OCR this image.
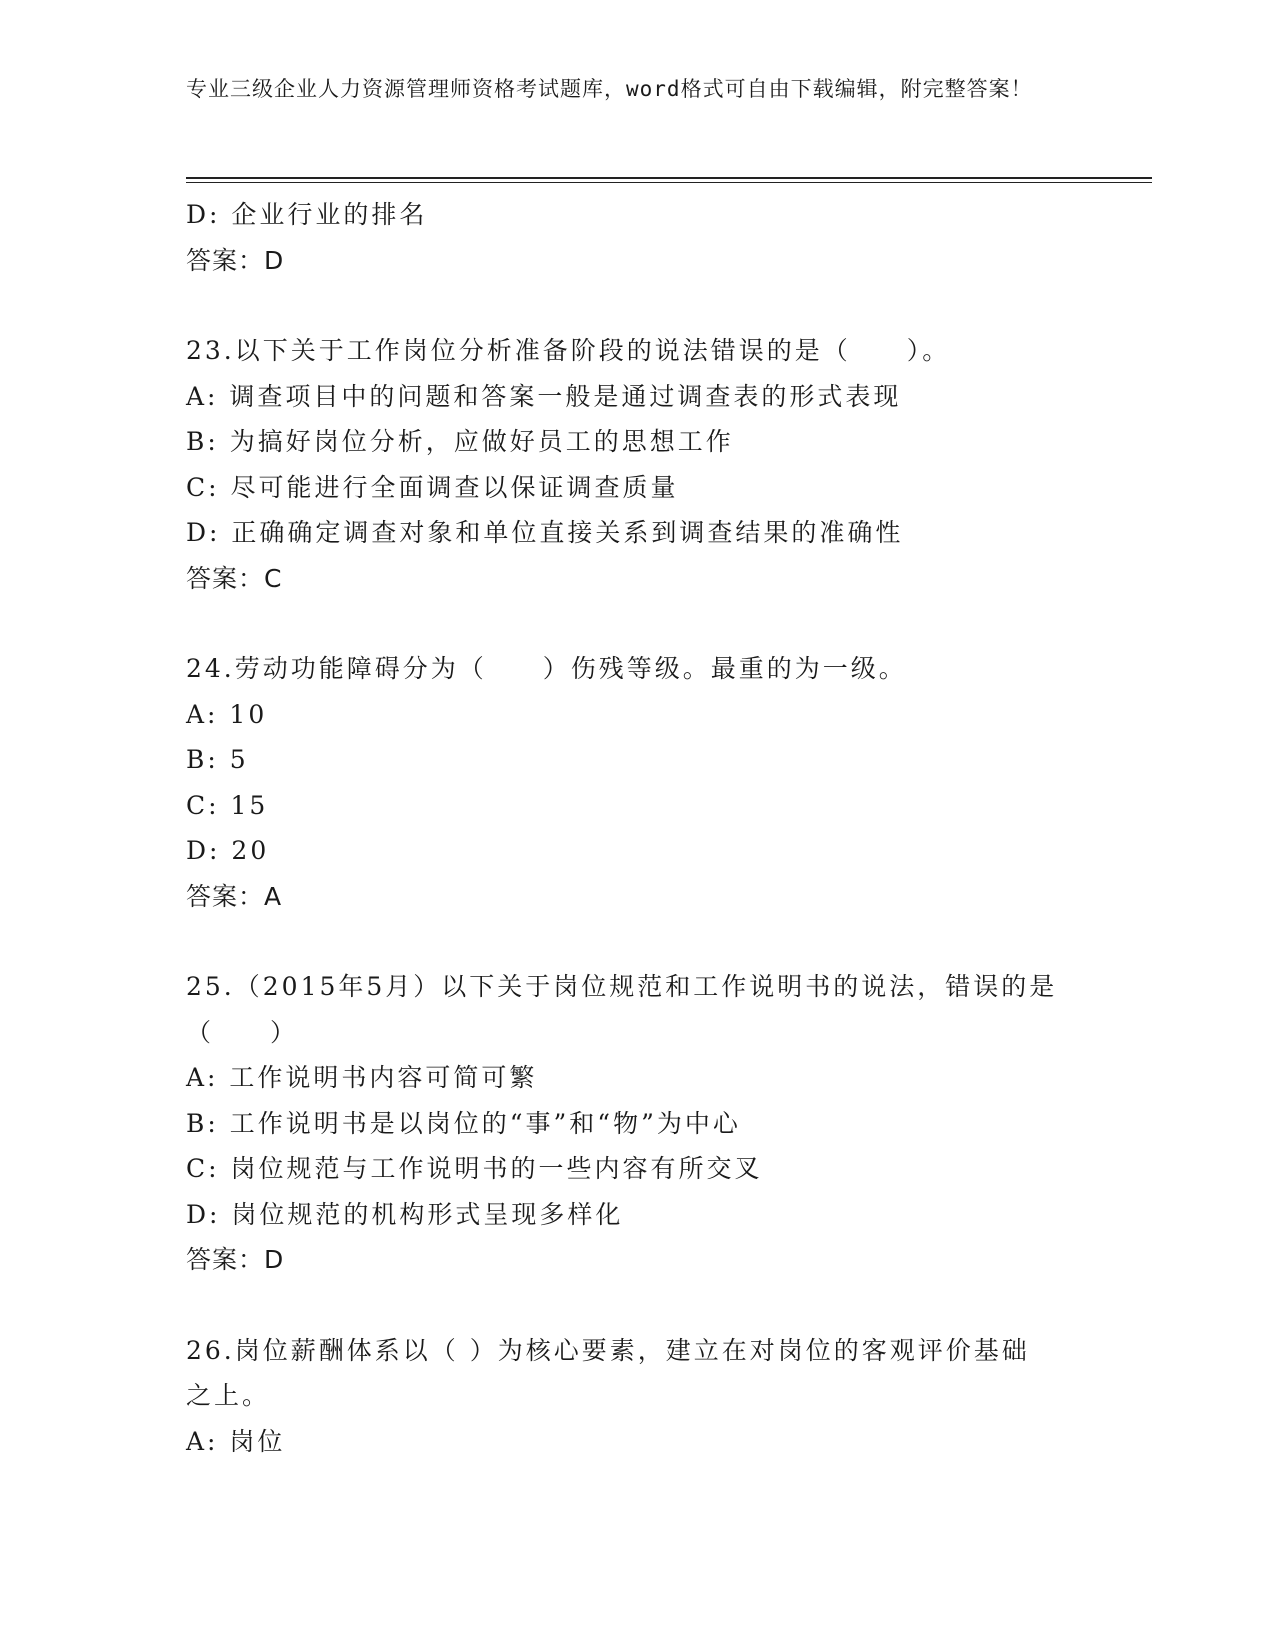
专业三级企业人力资源管理师资格考试题库，word格式可自由下载编辑，附完整答案！

D: 企业行业的排名

答案：D

23.以下关于工作岗位分析准备阶段的说法错误的是（　　）。

A: 调查项目中的问题和答案一般是通过调查表的形式表现

B: 为搞好岗位分析，应做好员工的思想工作

C: 尽可能进行全面调查以保证调查质量

D: 正确确定调查对象和单位直接关系到调查结果的准确性

答案：C

24.劳动功能障碍分为（　　）伤残等级。最重的为一级。

A: 10

B: 5

C: 15

D: 20

答案：A

25.（2015年5月）以下关于岗位规范和工作说明书的说法，错误的是

（　　）

A: 工作说明书内容可简可繁

B: 工作说明书是以岗位的“事”和“物”为中心

C: 岗位规范与工作说明书的一些内容有所交叉

D: 岗位规范的机构形式呈现多样化

答案：D

26.岗位薪酬体系以（ ）为核心要素，建立在对岗位的客观评价基础

之上。

A: 岗位
